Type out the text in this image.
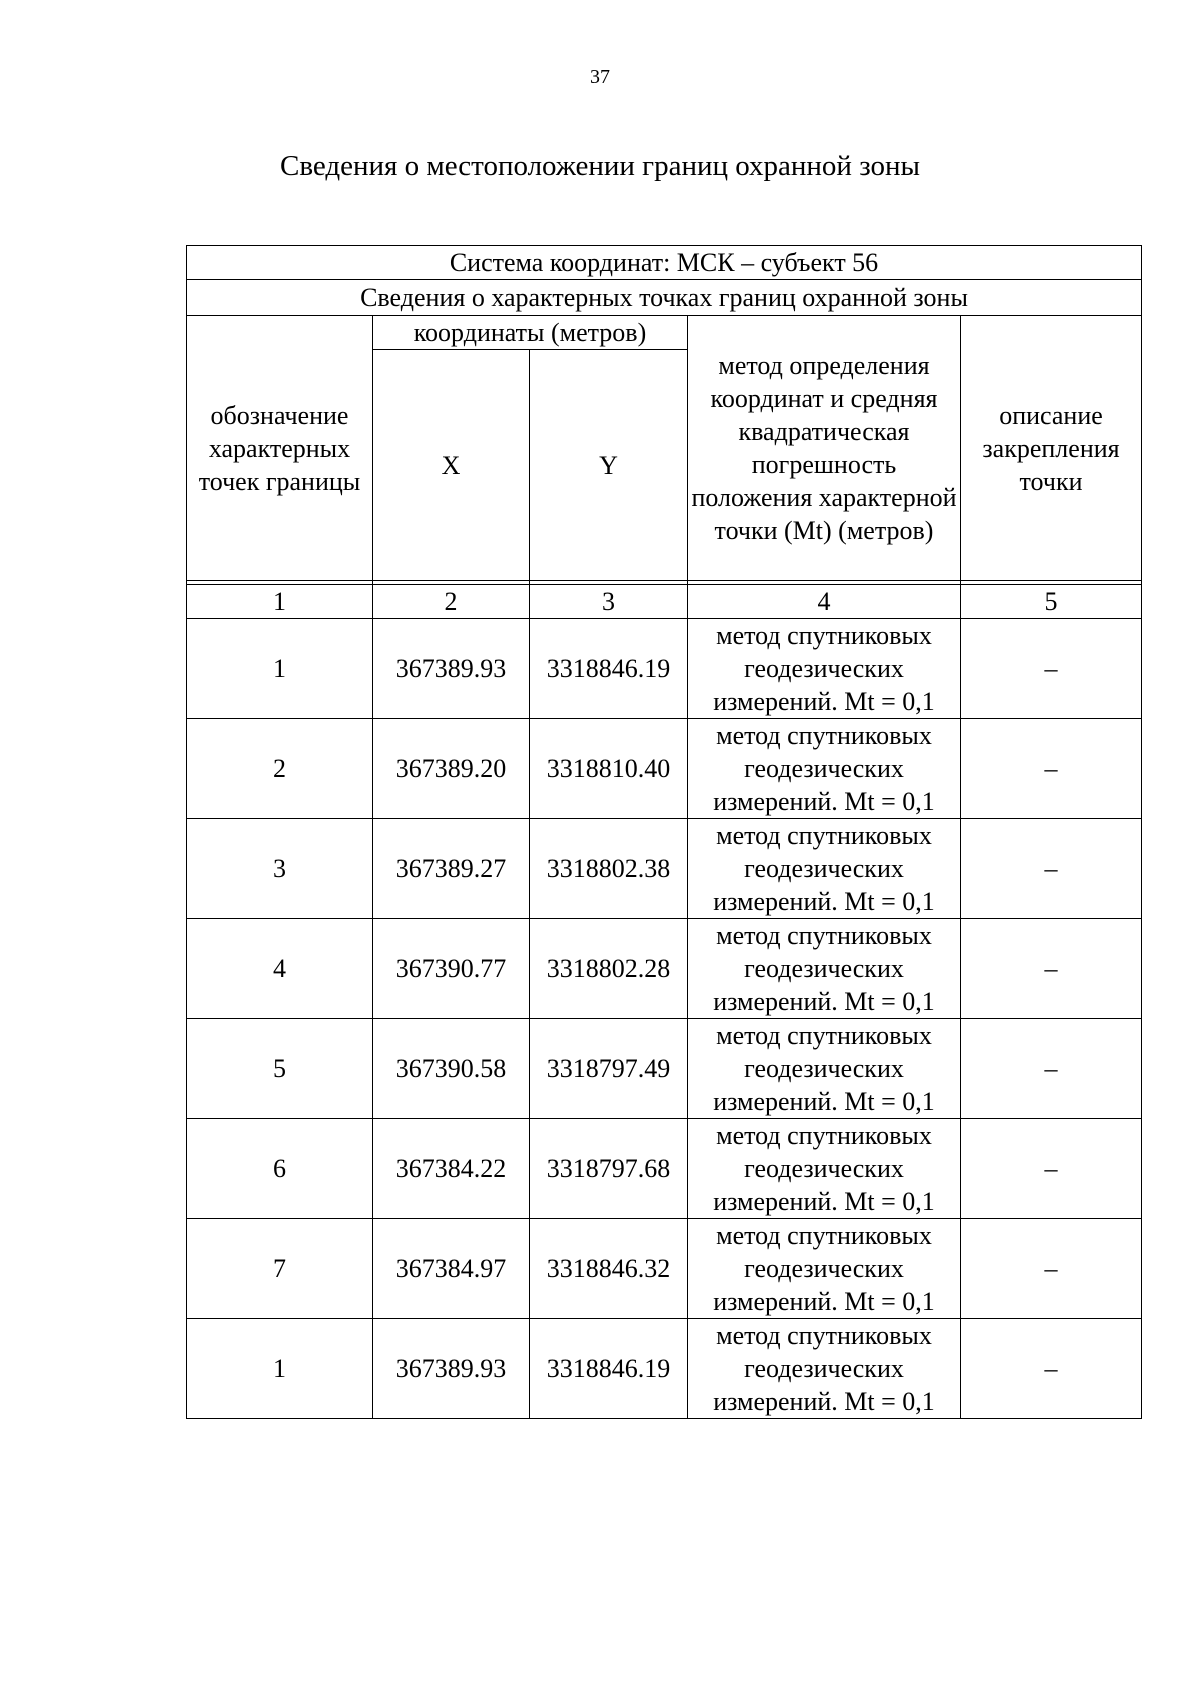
37
Сведения о местоположении границ охранной зоны
Система координат: МСК – субъект 56				
Сведения о характерных точках границ охранной зоны				
обозначение характерных точек границы	координаты (метров)		метод определения координат и средняя квадратическая погрешность положения характерной точки (Mt) (метров)	описание закрепления точки
	X	Y		

1	2	3	4	5
1	367389.93	3318846.19	метод спутниковых геодезических измерений. Mt = 0,1	–
2	367389.20	3318810.40	метод спутниковых геодезических измерений. Mt = 0,1	–
3	367389.27	3318802.38	метод спутниковых геодезических измерений. Mt = 0,1	–
4	367390.77	3318802.28	метод спутниковых геодезических измерений. Mt = 0,1	–
5	367390.58	3318797.49	метод спутниковых геодезических измерений. Mt = 0,1	–
6	367384.22	3318797.68	метод спутниковых геодезических измерений. Mt = 0,1	–
7	367384.97	3318846.32	метод спутниковых геодезических измерений. Mt = 0,1	–
1	367389.93	3318846.19	метод спутниковых геодезических измерений. Mt = 0,1	–
